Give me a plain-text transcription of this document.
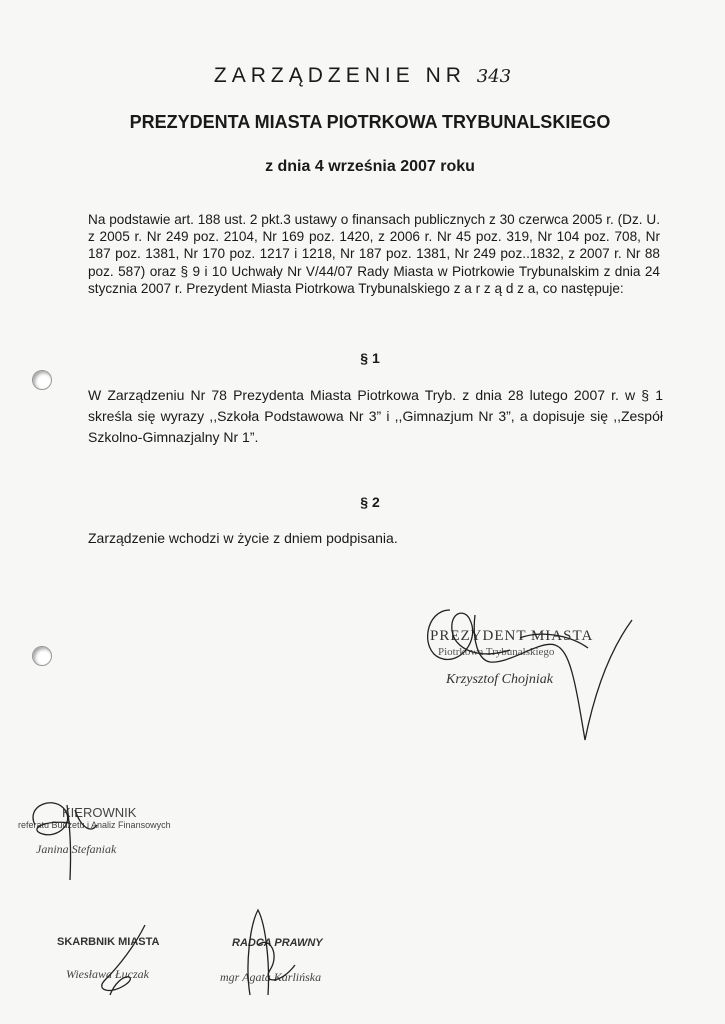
ZARZĄDZENIE NR 343
PREZYDENTA MIASTA PIOTRKOWA TRYBUNALSKIEGO
z dnia 4 września 2007 roku
Na podstawie art. 188 ust. 2 pkt.3 ustawy o finansach publicznych z 30 czerwca 2005 r. (Dz. U. z 2005 r. Nr 249 poz. 2104, Nr 169 poz. 1420, z 2006 r. Nr 45 poz. 319, Nr 104 poz. 708, Nr 187 poz. 1381, Nr 170 poz. 1217 i 1218, Nr 187 poz. 1381, Nr 249 poz..1832, z 2007 r. Nr 88 poz. 587) oraz § 9 i 10 Uchwały Nr V/44/07 Rady Miasta w Piotrkowie Trybunalskim z dnia 24 stycznia 2007 r. Prezydent Miasta Piotrkowa Trybunalskiego z a r z ą d z a, co następuje:
§ 1
W Zarządzeniu Nr 78 Prezydenta Miasta Piotrkowa Tryb. z dnia 28 lutego 2007 r. w § 1 skreśla się wyrazy ,,Szkoła Podstawowa Nr 3” i ,,Gimnazjum Nr 3”, a dopisuje się ,,Zespół Szkolno-Gimnazjalny Nr 1”.
§ 2
Zarządzenie wchodzi w życie z dniem podpisania.
PREZYDENT MIASTA
Piotrkowa Trybunalskiego
Krzysztof Chojniak
KIEROWNIK
referatu Budżetu i Analiz Finansowych
Janina Stefaniak
SKARBNIK MIASTA
Wiesława Łuczak
RADCA PRAWNY
mgr Agata Karlińska
